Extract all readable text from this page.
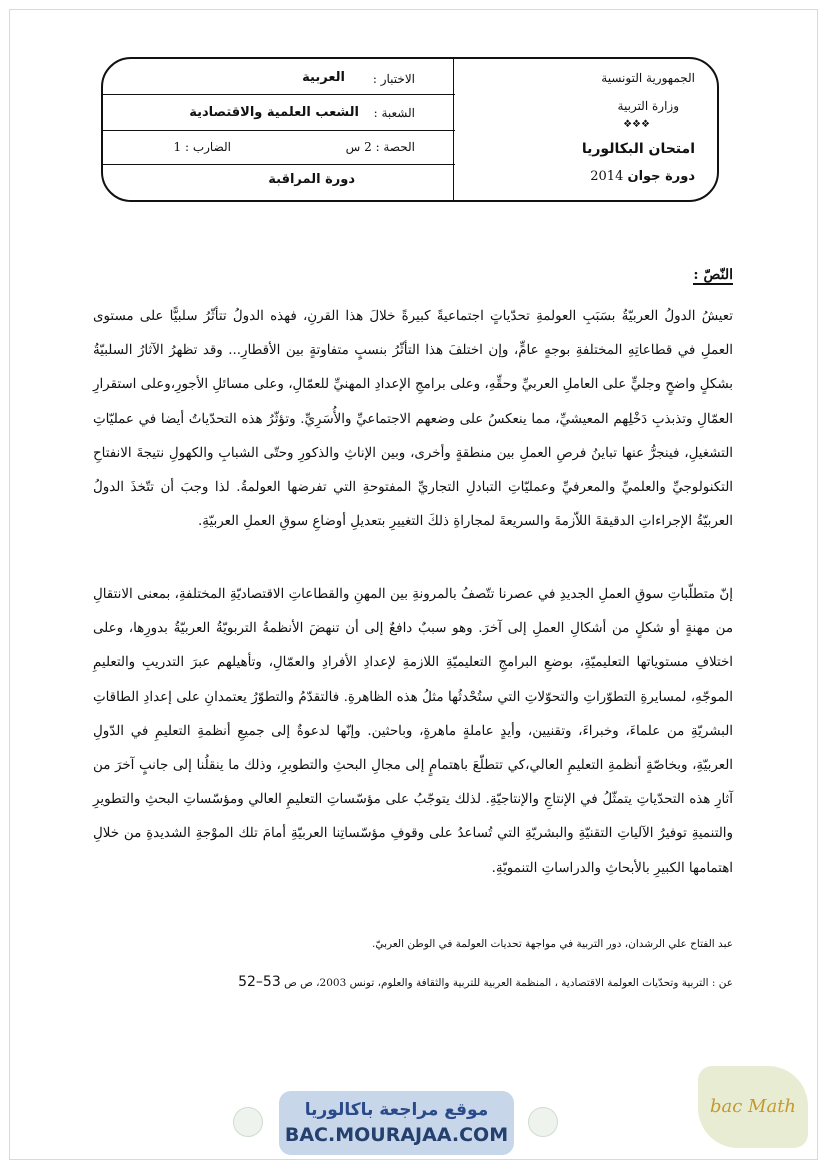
الجمهورية التونسية
وزارة التربية
❖❖❖
امتحان البكالوريا
دورة جوان 2014
الاختبار :
العربية
الشعبة :
الشعب العلمية والاقتصادية
الحصة : 2 س
الضارب : 1
دورة المراقبة
النّصّ :
تعيشُ الدولُ العربيّةُ بسَبَبِ العولمةِ تحدّياتٍ اجتماعيةً كبيرةً خلالَ هذا القرنِ، فهذه الدولُ تتأثّرُ سلبيًّا على مستوى العملِ في قطاعاتِهِ المختلفةِ بوجهٍ عامٍّ، وإن اختلفَ هذا التأثّرُ بنسبٍ متفاوتةٍ بين الأقطارِ... وقد تظهرُ الآثارُ السلبيّةُ بشكلٍ واضحٍ وجليٍّ على العاملِ العربيِّ وحقِّهِ، وعلى برامجِ الإعدادِ المهنيِّ للعمّالِ، وعلى مسائلِ الأجورِ،وعلى استقرارِ العمّالِ وتذبذبِ دَخْلِهم المعيشيِّ، مما ينعكسُ على وضعهم الاجتماعيِّ والأُسَرِيِّ. وتؤثّرُ هذه التحدّياتُ أيضا في عمليّاتِ التشغيلِ، فينجرُّ عنها تباينُ فرصِ العملِ بين منطقةٍ وأخرى، وبين الإناثِ والذكورِ وحتّى الشبابِ والكهولِ نتيجةَ الانفتاحِ التكنولوجيِّ والعلميِّ والمعرفيِّ وعمليّاتِ التبادلِ التجاريِّ المفتوحةِ التي تفرضها العولمةُ. لذا وجبَ أن تتّخذَ الدولُ العربيّةُ الإجراءاتِ الدقيقةَ اللاّزمةَ والسريعةَ لمجاراةِ ذلكَ التغييرِ بتعديلِ أوضاعِ سوقِ العملِ العربيّةِ.
إنّ متطلّباتِ سوقِ العملِ الجديدِ في عصرنا تتّصفُ بالمرونةِ بين المهنِ والقطاعاتِ الاقتصاديّةِ المختلفةِ، بمعنى الانتقالِ من مهنةٍ أو شكلٍ من أشكالِ العملِ إلى آخرَ. وهو سببٌ دافعٌ إلى أن تنهضَ الأنظمةُ التربويّةُ العربيّةُ بدورِها، وعلى اختلافِ مستوياتها التعليميّةِ، بوضعِ البرامجِ التعليميّةِ اللازمةِ لإعدادِ الأفرادِ والعمّالِ، وتأهيلهم عبرَ التدريبِ والتعليمِ الموجّهِ، لمسايرةِ التطوّراتِ والتحوّلاتِ التي ستُحْدثُها مثلُ هذه الظاهرةِ. فالتقدّمُ والتطوّرُ يعتمدانِ على إعدادِ الطاقاتِ البشريّةِ من علماءَ، وخبراءَ، وتقنيين، وأيدٍ عاملةٍ ماهرةٍ، وباحثين. وإنّها لدعوةٌ إلى جميعِ أنظمةِ التعليمِ في الدّولِ العربيّةِ، وبخاصّةٍ أنظمةِ التعليمِ العالي،كي تتطلّعَ باهتمامٍ إلى مجالِ البحثِ والتطويرِ، وذلك ما ينقلُنا إلى جانبٍ آخرَ من آثارِ هذه التحدّياتِ يتمثّلُ في الإنتاجِ والإنتاجيّةِ. لذلك يتوجّبُ على مؤسّساتِ التعليمِ العالي ومؤسّساتِ البحثِ والتطويرِ والتنميةِ توفيرُ الآلياتِ التقنيّةِ والبشريّةِ التي تُساعدُ على وقوفِ مؤسّساتِنا العربيّةِ أمامَ تلك الموْجةِ الشديدةِ من خلالِ اهتمامها الكبيرِ بالأبحاثِ والدراساتِ التنمويّةِ.
عبد الفتاح علي الرشدان، دور التربية في مواجهة تحديات العولمة في الوطن العربيّ.
عن : التربية وتحدّيات العولمة الاقتصادية ، المنظمة العربية للتربية والثقافة والعلوم، تونس 2003، ص ص 52–53
موقع مراجعة باكالوريا
BAC.MOURAJAA.COM
bac Math
